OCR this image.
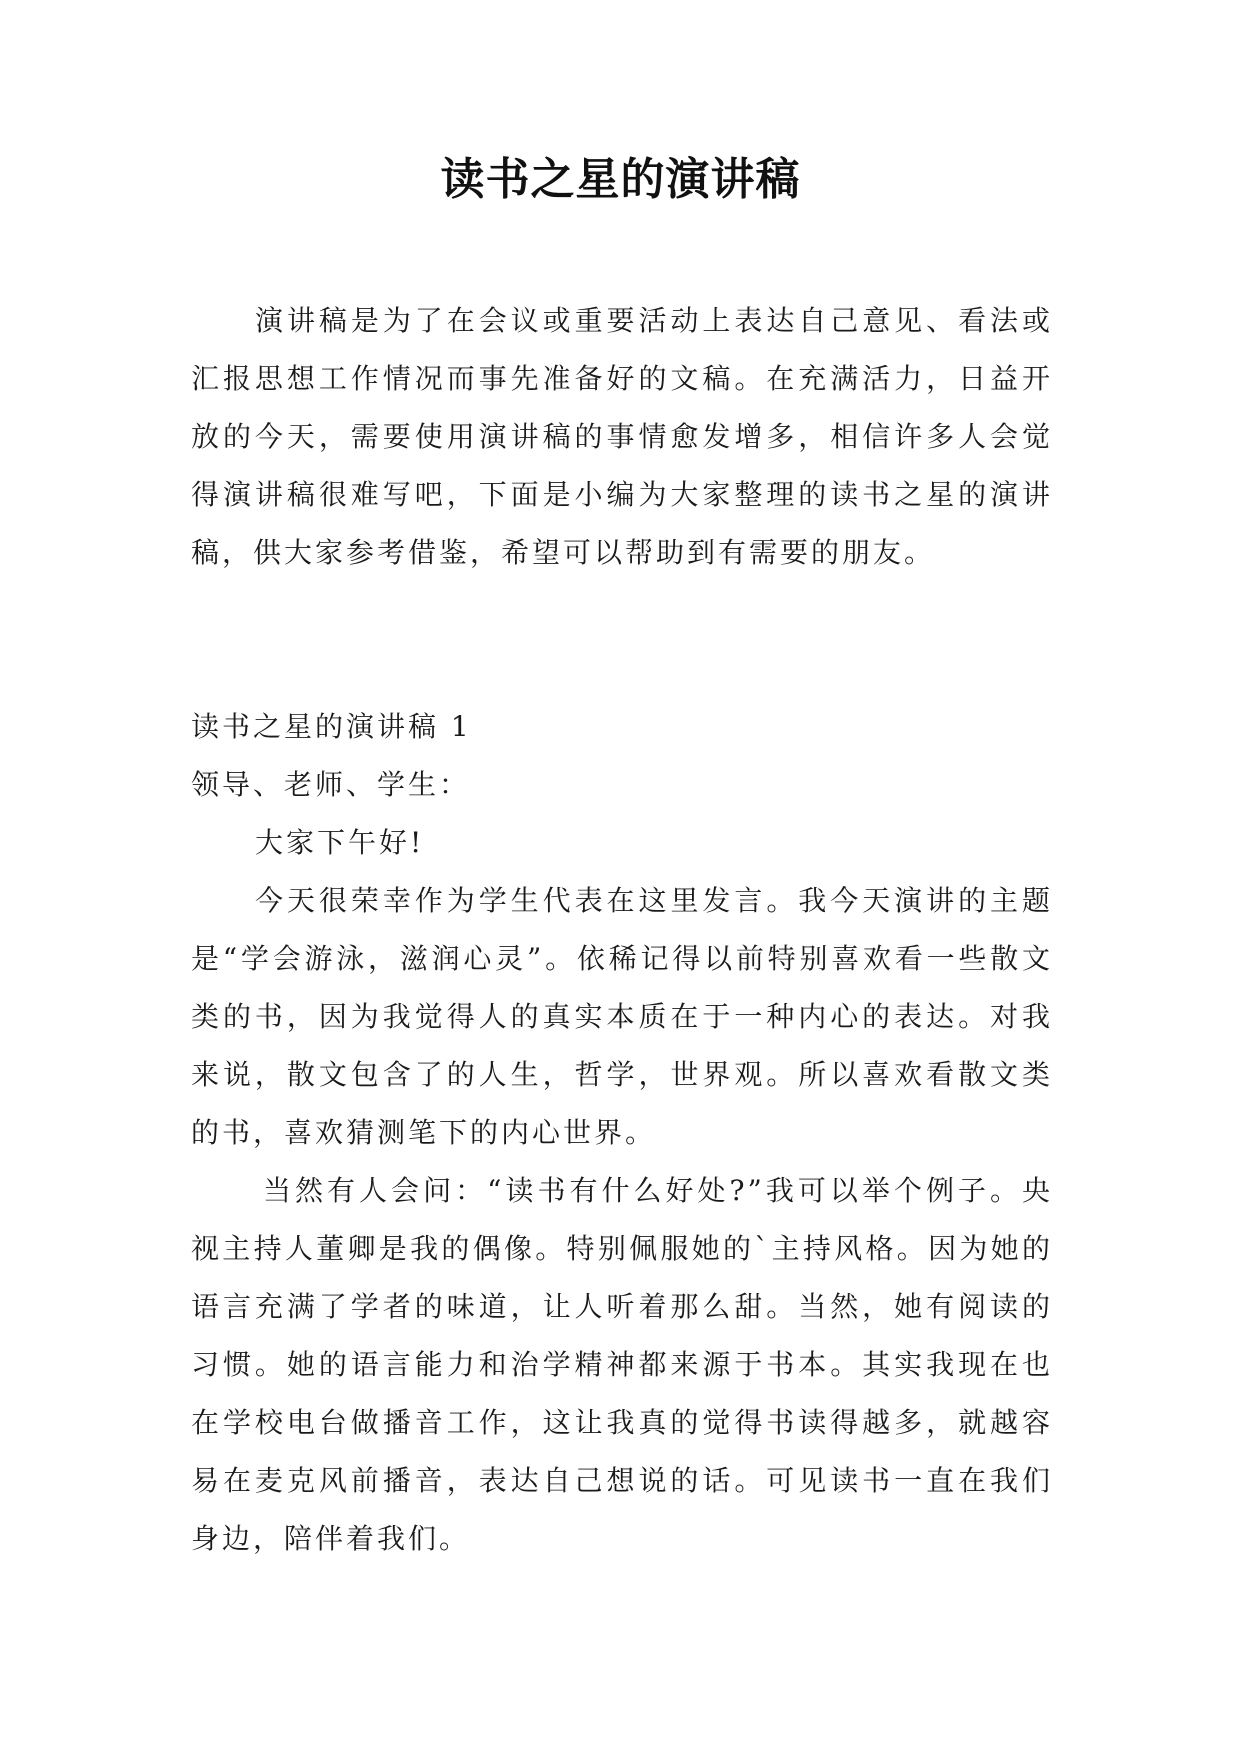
读书之星的演讲稿

演讲稿是为了在会议或重要活动上表达自己意见、看法或汇报思想工作情况而事先准备好的文稿。在充满活力，日益开放的今天，需要使用演讲稿的事情愈发增多，相信许多人会觉得演讲稿很难写吧，下面是小编为大家整理的读书之星的演讲稿，供大家参考借鉴，希望可以帮助到有需要的朋友。

读书之星的演讲稿 1

领导、老师、学生：

大家下午好!

今天很荣幸作为学生代表在这里发言。我今天演讲的主题是“学会游泳，滋润心灵”。依稀记得以前特别喜欢看一些散文类的书，因为我觉得人的真实本质在于一种内心的表达。对我来说，散文包含了的人生，哲学，世界观。所以喜欢看散文类的书，喜欢猜测笔下的内心世界。

当然有人会问：“读书有什么好处?”我可以举个例子。央视主持人董卿是我的偶像。特别佩服她的`主持风格。因为她的语言充满了学者的味道，让人听着那么甜。当然，她有阅读的习惯。她的语言能力和治学精神都来源于书本。其实我现在也在学校电台做播音工作，这让我真的觉得书读得越多，就越容易在麦克风前播音，表达自己想说的话。可见读书一直在我们身边，陪伴着我们。
